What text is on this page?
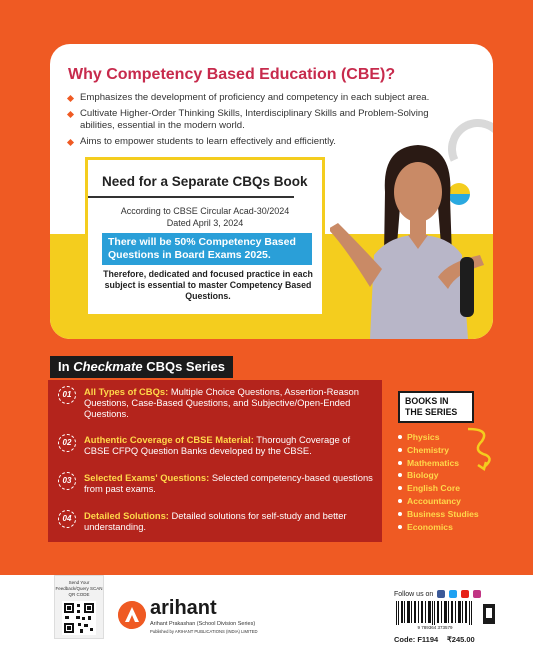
Why Competency Based Education (CBE)?
Emphasizes the development of proficiency and competency in each subject area.
Cultivate Higher-Order Thinking Skills, Interdisciplinary Skills and Problem-Solving abilities, essential in the modern world.
Aims to empower students to learn effectively and efficiently.
Need for a Separate CBQs Book
According to CBSE Circular Acad-30/2024
Dated April 3, 2024
There will be 50% Competency Based Questions in Board Exams 2025.
Therefore, dedicated and focused practice in each subject is essential to master Competency Based Questions.
In Checkmate CBQs Series
01	All Types of CBQs: Multiple Choice Questions, Assertion-Reason Questions, Case-Based Questions, and Subjective/Open-Ended Questions.
02	Authentic Coverage of CBSE Material: Thorough Coverage of CBSE CFPQ Question Banks developed by the CBSE.
03	Selected Exams' Questions: Selected competency-based questions from past exams.
04	Detailed Solutions: Detailed solutions for self-study and better understanding.
BOOKS IN THE SERIES
Physics
Chemistry
Mathematics
Biology
English Core
Accountancy
Business Studies
Economics
Send Your Feedback/Query SCAN QR CODE
arihant
Arihant Prakashan (School Division Series)
Published by ARIHANT PUBLICATIONS (INDIA) LIMITED
Follow us on
9 789364 373579
Code: F1194 ₹245.00
